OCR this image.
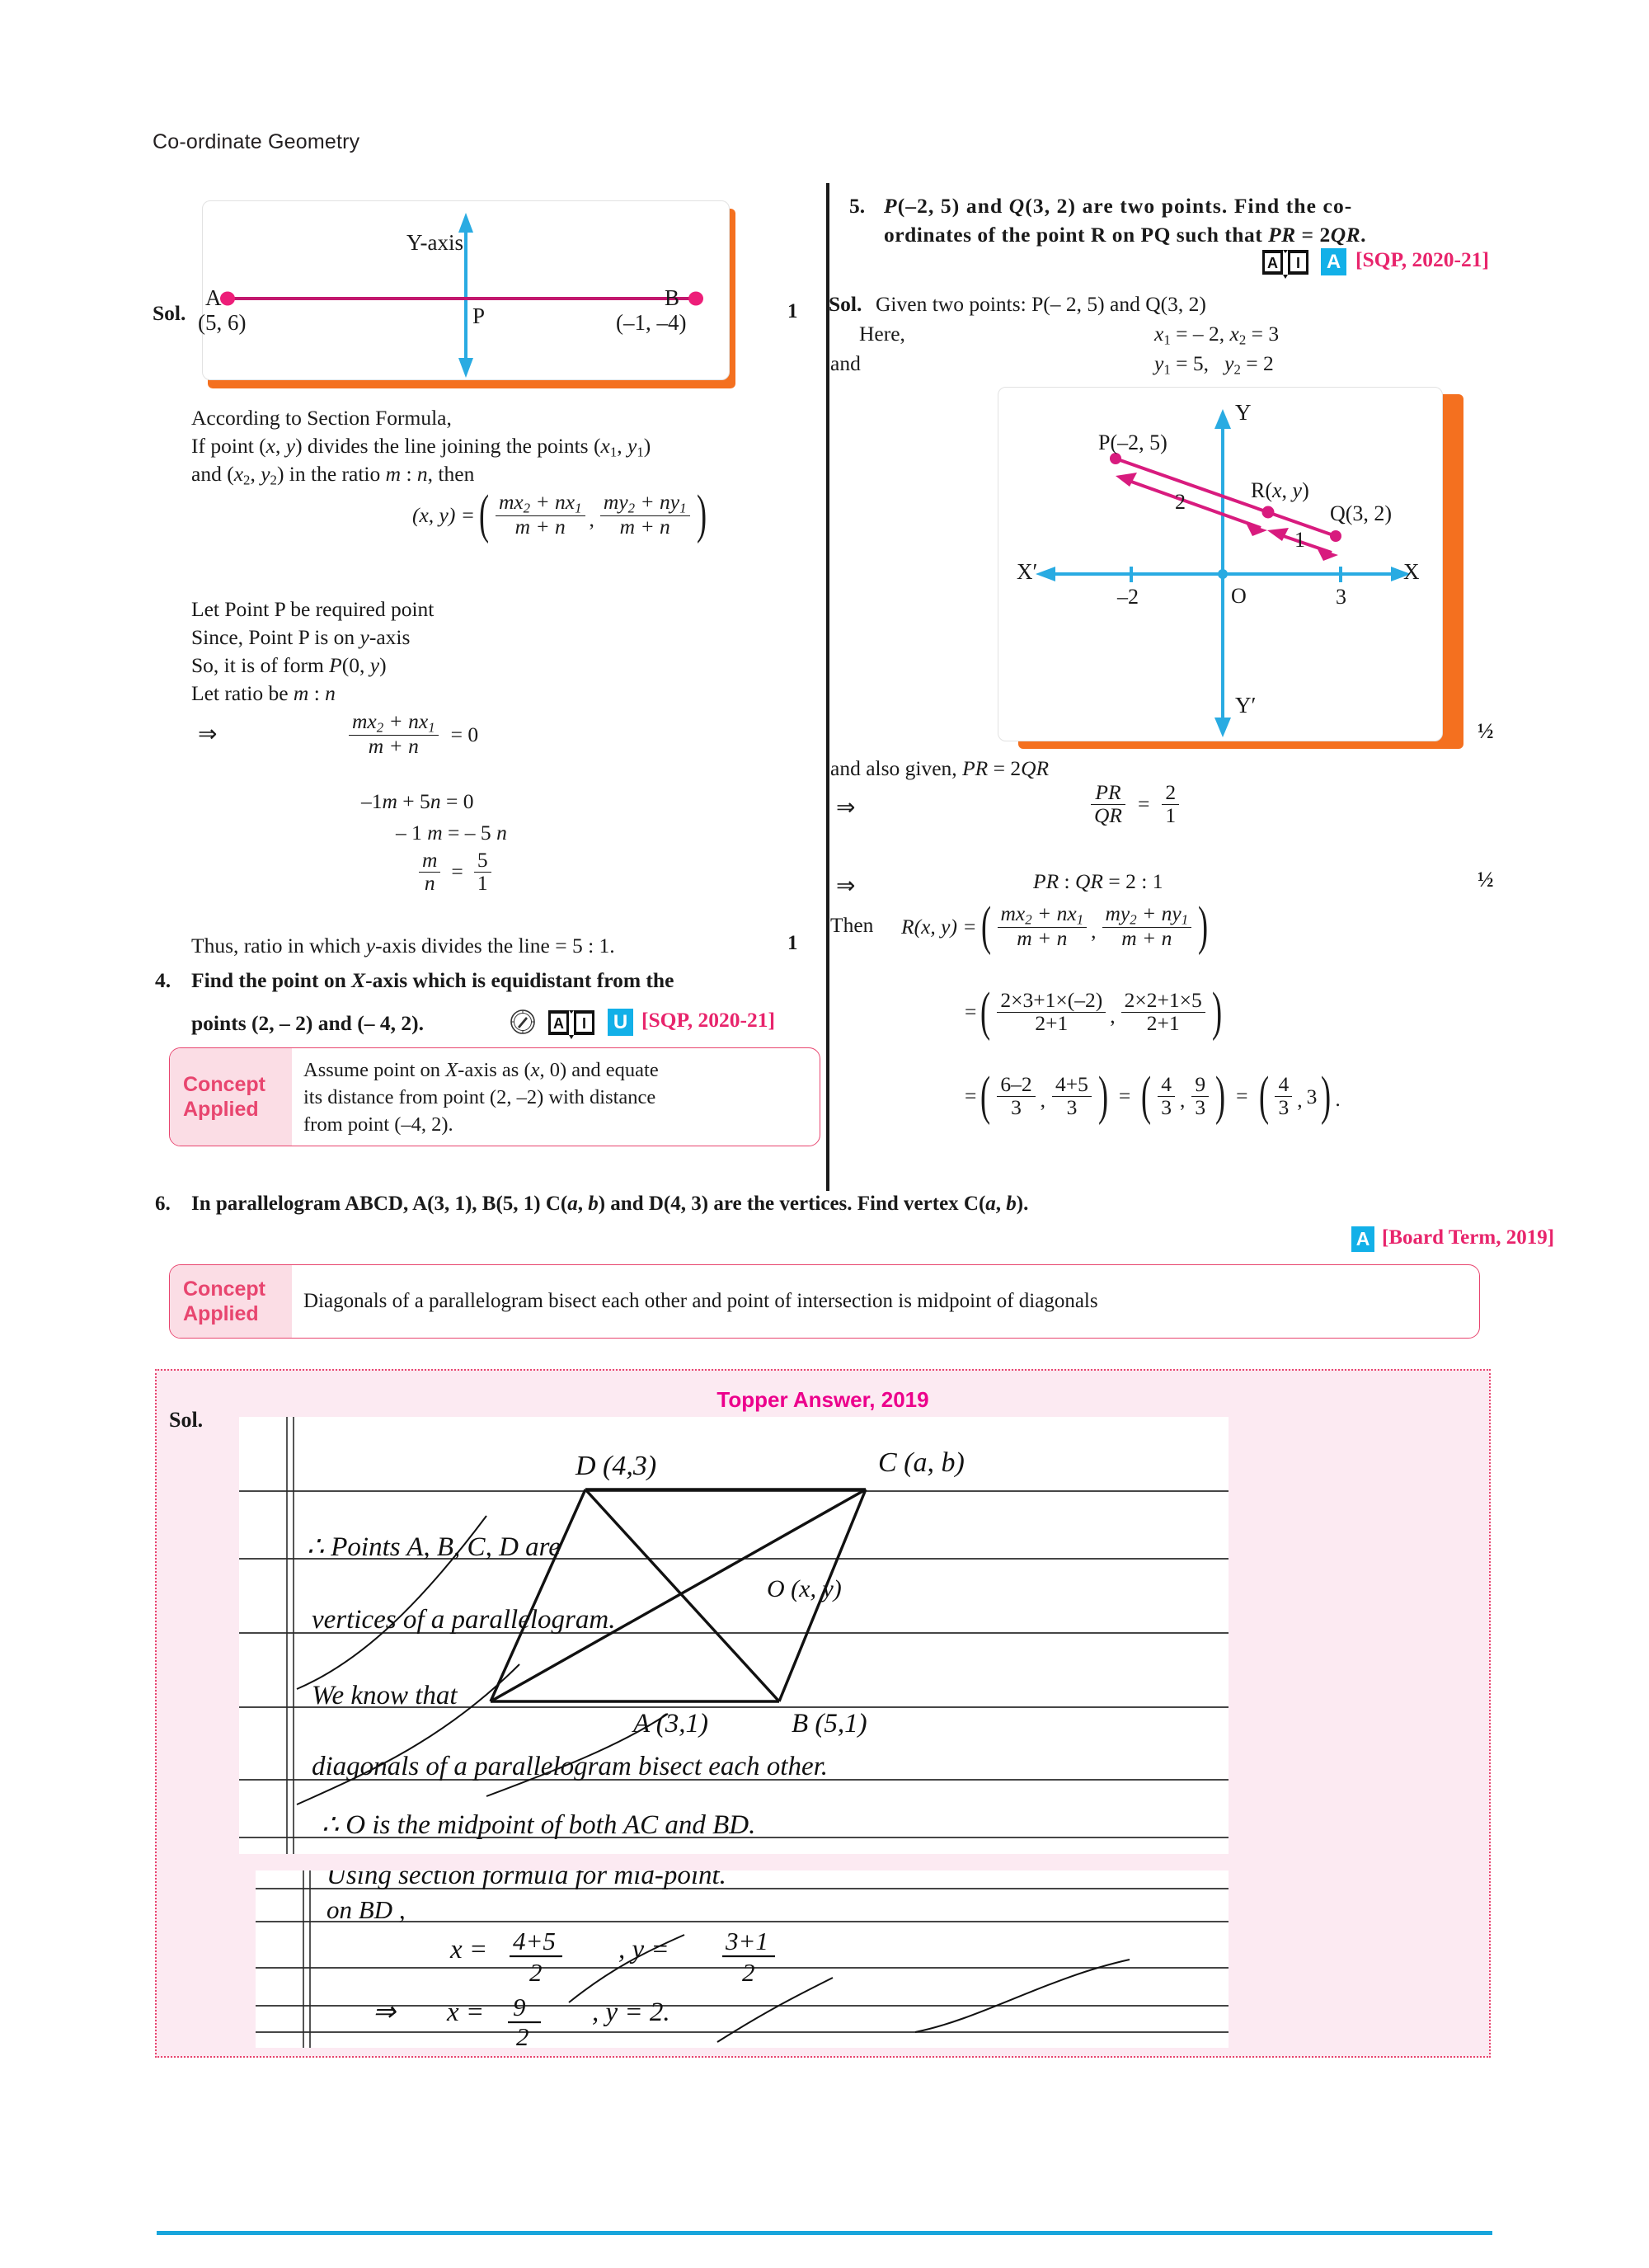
Co-ordinate Geometry
Sol.
Y-axis
A
(5, 6)
B
(–1, –4)
P	1
According to Section Formula,
If point (x, y) divides the line joining the points ($x_1$, $y_1$)
and ($x_2$, $y_2$) in the ratio m : n, then
(x, y) = ( $\frac{mx_2 + nx_1}{m + n}$ , $\frac{my_2 + ny_1}{m + n}$ )
Let Point P be required point
Since, Point P is on y-axis
So, it is of form P(0, y)
Let ratio be m : n
⇒	$\frac{mx_2 + nx_1}{m + n} = 0$
–1m + 5n = 0
– 1 m = – 5 n
$\frac{m}{n} = \frac{5}{1}$
Thus, ratio in which y-axis divides the line = 5 : 1.	1
4. Find the point on X-axis which is equidistant from the
points (2, – 2) and (– 4, 2).	A I U [SQP, 2020-21]
Concept
Applied
Assume point on X-axis as (x, 0) and equate
its distance from point (2, –2) with distance
from point (–4, 2).
5. P(–2, 5) and Q(3, 2) are two points. Find the co-
ordinates of the point R on PQ such that PR = 2QR.
A I A [SQP, 2020-21]
Sol. Given two points: P(– 2, 5) and Q(3, 2)
Here,	$x_1$ = – 2, $x_2 = 3$
and	$y_1 = 5$,   $y_2 = 2$
Y
Y′
X
X′
O
–2	3
P(–2, 5)
R(x, y)
Q(3, 2)
2
1
½
and also given, PR = 2QR
⇒	$\frac{PR}{QR} = \frac{2}{1}$
⇒	PR : QR = 2 : 1	½
Then R(x, y) = ( $\frac{mx_2 + nx_1}{m + n}$ , $\frac{my_2 + ny_1}{m + n}$ )
= ( $\frac{2\times 3+1\times(-2)}{2+1}$ , $\frac{2\times 2+1\times 5}{2+1}$ )
= ( $\frac{6-2}{3}$ , $\frac{4+5}{3}$ ) = ( $\frac{4}{3}$ , $\frac{9}{3}$ ) = ( $\frac{4}{3}$ , 3 ) .
6. In parallelogram ABCD, A(3, 1), B(5, 1) C(a, b) and D(4, 3) are the vertices. Find vertex C(a, b).
A [Board Term, 2019]
Concept
Applied
Diagonals of a parallelogram bisect each other and point of intersection is midpoint of diagonals
Topper Answer, 2019
Sol.
D (4,3)	C (a, b)
O (x, y)
A (3,1)	B (5,1)
∴ Points A, B, C, D are
vertices of a parallelogram.
We know that
diagonals of a parallelogram bisect each other.
∴ O is the midpoint of both AC and BD.
Using section formula for mid-point.
on BD ,
x = 4+5
2
, y = 3+1
2
⇒ x = 9
2
, y = 2.
